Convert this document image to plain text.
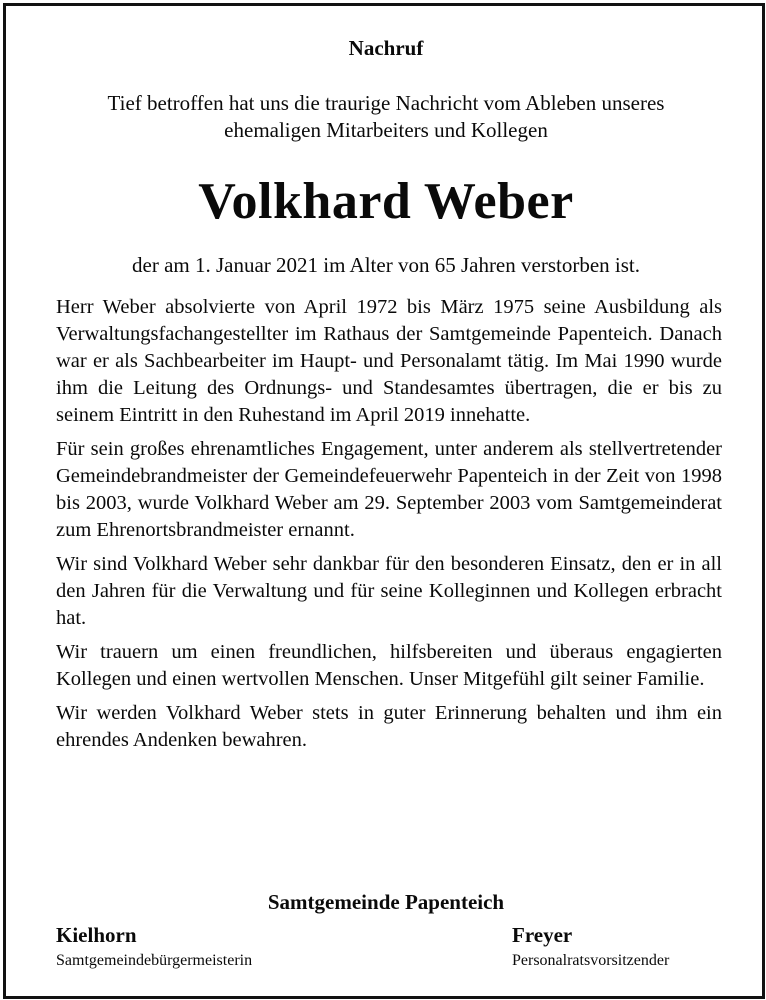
Nachruf
Tief betroffen hat uns die traurige Nachricht vom Ableben unseres
ehemaligen Mitarbeiters und Kollegen
Volkhard Weber
der am 1. Januar 2021 im Alter von 65 Jahren verstorben ist.

Herr Weber absolvierte von April 1972 bis März 1975 seine Ausbildung als Verwaltungsfachangestellter im Rathaus der Samtgemeinde Papenteich. Danach war er als Sachbearbeiter im Haupt- und Personalamt tätig. Im Mai 1990 wurde ihm die Leitung des Ordnungs- und Standesamtes übertragen, die er bis zu seinem Eintritt in den Ruhestand im April 2019 innehatte.

Für sein großes ehrenamtliches Engagement, unter anderem als stellvertretender Gemeindebrandmeister der Gemeindefeuerwehr Papenteich in der Zeit von 1998 bis 2003, wurde Volkhard Weber am 29. September 2003 vom Samtgemeinderat zum Ehrenortsbrandmeister ernannt.

Wir sind Volkhard Weber sehr dankbar für den besonderen Einsatz, den er in all den Jahren für die Verwaltung und für seine Kolleginnen und Kollegen erbracht hat.

Wir trauern um einen freundlichen, hilfsbereiten und überaus engagierten Kollegen und einen wertvollen Menschen. Unser Mitgefühl gilt seiner Familie.

Wir werden Volkhard Weber stets in guter Erinnerung behalten und ihm ein ehrendes Andenken bewahren.

Samtgemeinde Papenteich
Kielhorn
Samtgemeindebürgermeisterin
Freyer
Personalratsvorsitzender
